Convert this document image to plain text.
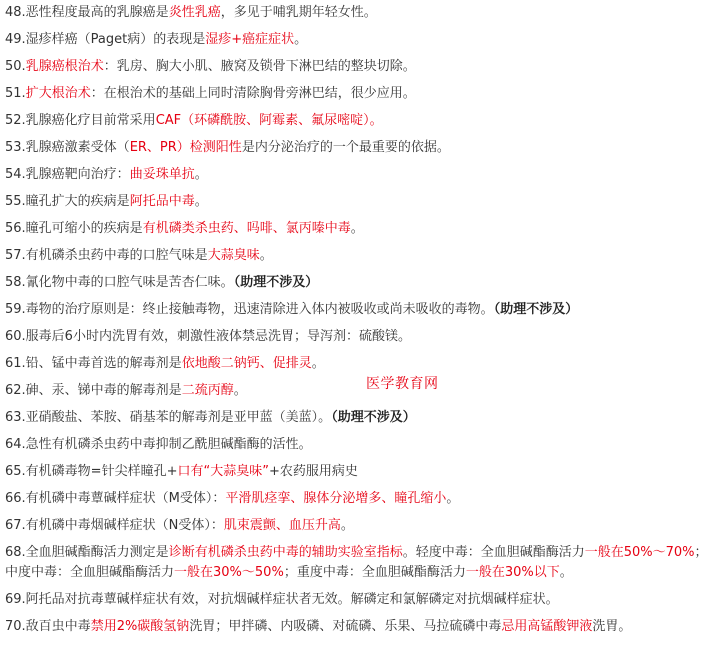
48.恶性程度最高的乳腺癌是炎性乳癌，多见于哺乳期年轻女性。
49.湿疹样癌（Paget病）的表现是湿疹+癌症症状。
50.乳腺癌根治术：乳房、胸大小肌、腋窝及锁骨下淋巴结的整块切除。
51.扩大根治术：在根治术的基础上同时清除胸骨旁淋巴结，很少应用。
52.乳腺癌化疗目前常采用CAF（环磷酰胺、阿霉素、氟尿嘧啶）。
53.乳腺癌激素受体（ER、PR）检测阳性是内分泌治疗的一个最重要的依据。
54.乳腺癌靶向治疗：曲妥珠单抗。
55.瞳孔扩大的疾病是阿托品中毒。
56.瞳孔可缩小的疾病是有机磷类杀虫药、吗啡、氯丙嗪中毒。
57.有机磷杀虫药中毒的口腔气味是大蒜臭味。
58.氰化物中毒的口腔气味是苦杏仁味。（助理不涉及）
59.毒物的治疗原则是：终止接触毒物，迅速清除进入体内被吸收或尚未吸收的毒物。（助理不涉及）
60.服毒后6小时内洗胃有效，刺激性液体禁忌洗胃；导泻剂：硫酸镁。
61.铅、锰中毒首选的解毒剂是依地酸二钠钙、促排灵。
62.砷、汞、锑中毒的解毒剂是二巯丙醇。
63.亚硝酸盐、苯胺、硝基苯的解毒剂是亚甲蓝（美蓝）。（助理不涉及）
64.急性有机磷杀虫药中毒抑制乙酰胆碱酯酶的活性。
65.有机磷毒物=针尖样瞳孔+口有“大蒜臭味”+农药服用病史
66.有机磷中毒蕈碱样症状（M受体）：平滑肌痉挛、腺体分泌增多、瞳孔缩小。
67.有机磷中毒烟碱样症状（N受体）：肌束震颤、血压升高。
68.全血胆碱酯酶活力测定是诊断有机磷杀虫药中毒的辅助实验室指标。轻度中毒：全血胆碱酯酶活力一般在50%～70%；中度中毒：全血胆碱酯酶活力一般在30%～50%；重度中毒：全血胆碱酯酶活力一般在30%以下。
69.阿托品对抗毒蕈碱样症状有效，对抗烟碱样症状者无效。解磷定和氯解磷定对抗烟碱样症状。
70.敌百虫中毒禁用2%碳酸氢钠洗胃；甲拌磷、内吸磷、对硫磷、乐果、马拉硫磷中毒忌用高锰酸钾液洗胃。
医学教育网
